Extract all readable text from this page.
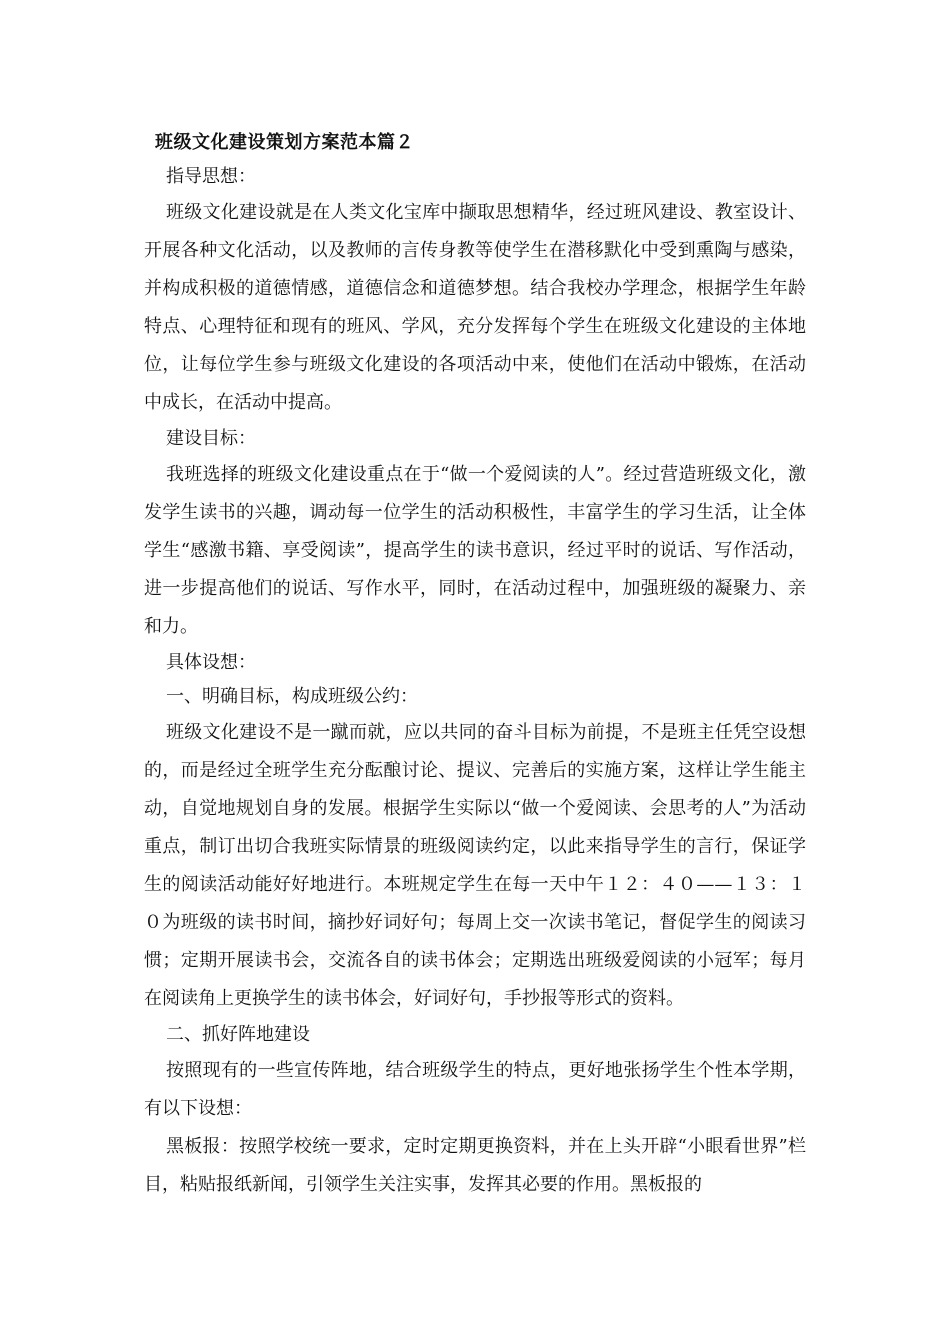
班级文化建设策划方案范本篇２

指导思想：

班级文化建设就是在人类文化宝库中撷取思想精华，经过班风建设、教室设计、开展各种文化活动，以及教师的言传身教等使学生在潜移默化中受到熏陶与感染，并构成积极的道德情感，道德信念和道德梦想。结合我校办学理念，根据学生年龄特点、心理特征和现有的班风、学风，充分发挥每个学生在班级文化建设的主体地位，让每位学生参与班级文化建设的各项活动中来，使他们在活动中锻炼，在活动中成长，在活动中提高。

建设目标：

我班选择的班级文化建设重点在于“做一个爱阅读的人”。经过营造班级文化，激发学生读书的兴趣，调动每一位学生的活动积极性，丰富学生的学习生活，让全体学生“感激书籍、享受阅读”，提高学生的读书意识，经过平时的说话、写作活动，进一步提高他们的说话、写作水平，同时，在活动过程中，加强班级的凝聚力、亲和力。

具体设想：

一、明确目标，构成班级公约：

班级文化建设不是一蹴而就，应以共同的奋斗目标为前提，不是班主任凭空设想的，而是经过全班学生充分酝酿讨论、提议、完善后的实施方案，这样让学生能主动，自觉地规划自身的发展。根据学生实际以“做一个爱阅读、会思考的人”为活动重点，制订出切合我班实际情景的班级阅读约定，以此来指导学生的言行，保证学生的阅读活动能好好地进行。本班规定学生在每一天中午１２：４０——１３：１０为班级的读书时间，摘抄好词好句；每周上交一次读书笔记，督促学生的阅读习惯；定期开展读书会，交流各自的读书体会；定期选出班级爱阅读的小冠军；每月在阅读角上更换学生的读书体会，好词好句，手抄报等形式的资料。

二、抓好阵地建设

按照现有的一些宣传阵地，结合班级学生的特点，更好地张扬学生个性本学期，有以下设想：

黑板报：按照学校统一要求，定时定期更换资料，并在上头开辟“小眼看世界”栏目，粘贴报纸新闻，引领学生关注实事，发挥其必要的作用。黑板报的
